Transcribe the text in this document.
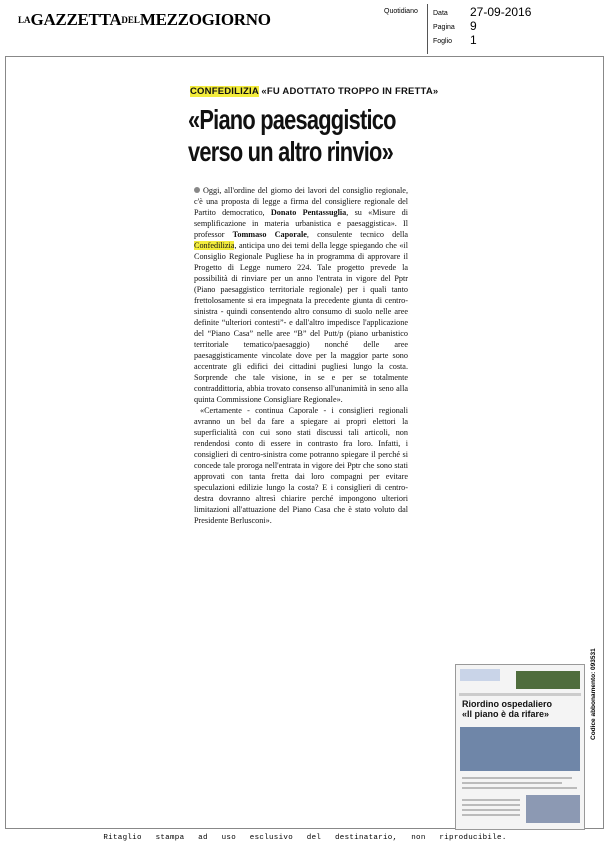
LAGAZZETTADELMEZZOGIORNO	Quotidiano Data 27-09-2016
Pagina 9
Foglio 1
CONFEDILIZIA «FU ADOTTATO TROPPO IN FRETTA»
«Piano paesaggistico
verso un altro rinvio»

Oggi, all'ordine del giorno dei lavori del consiglio regionale, c'è una proposta di legge a firma del consigliere regionale del Partito democratico, Donato Pentassuglia, su «Misure di semplificazione in materia urbanistica e paesaggistica». Il professor Tommaso Caporale, consulente tecnico della Confedilizia, anticipa uno dei temi della legge spiegando che «il Consiglio Regionale Pugliese ha in programma di approvare il Progetto di Legge numero 224. Tale progetto prevede la possibilità di rinviare per un anno l'entrata in vigore del Pptr (Piano paesaggistico territoriale regionale) per i quali tanto frettolosamente si era impegnata la precedente giunta di centro-sinistra - quindi consentendo altro consumo di suolo nelle aree definite “ulteriori contesti”- e dall'altro impedisce l'applicazione del “Piano Casa” nelle aree “B” del Putt/p (piano urbanistico territoriale tematico/paesaggio) nonché delle aree paesaggisticamente vincolate dove per la maggior parte sono accentrate gli edifici dei cittadini pugliesi lungo la costa. Sorprende che tale visione, in se e per se totalmente contraddittoria, abbia trovato consenso all'unanimità in seno alla quinta Commissione Consigliare Regionale».

«Certamente - continua Caporale - i consiglieri regionali avranno un bel da fare a spiegare ai propri elettori la superficialità con cui sono stati discussi tali articoli, non rendendosi conto di essere in contrasto fra loro. Infatti, i consiglieri di centro-sinistra come potranno spiegare il perché si concede tale proroga nell'entrata in vigore dei Pptr che sono stati approvati con tanta fretta dai loro compagni per evitare speculazioni edilizie lungo la costa? E i consiglieri di centro-destra dovranno altresì chiarire perché impongono ulteriori limitazioni all'attuazione del Piano Casa che è stato voluto dal Presidente Berlusconi».

Riordino ospedaliero
«Il piano è da rifare»	Codice abbonamento: 093531
Ritaglio stampa ad uso esclusivo del destinatario, non riproducibile.
